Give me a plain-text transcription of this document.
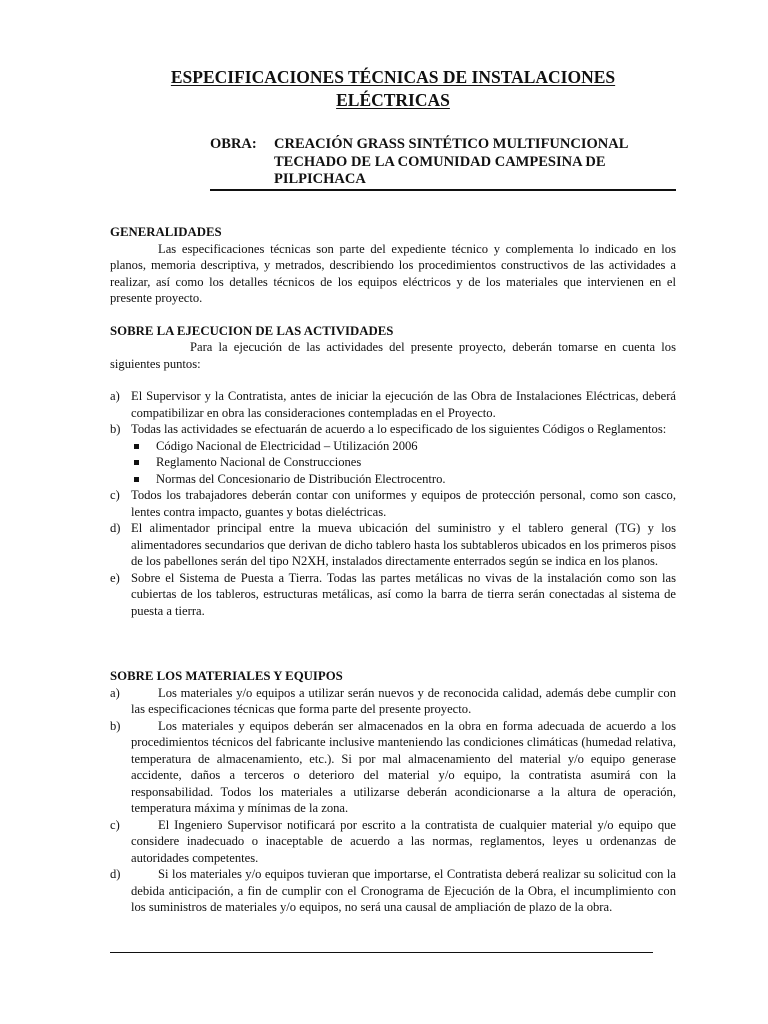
ESPECIFICACIONES TÉCNICAS DE INSTALACIONES
ELÉCTRICAS
OBRA: CREACIÓN GRASS SINTÉTICO MULTIFUNCIONAL TECHADO DE LA COMUNIDAD CAMPESINA DE PILPICHACA

GENERALIDADES

Las especificaciones técnicas son parte del expediente técnico y complementa lo indicado en los planos, memoria descriptiva, y metrados, describiendo los procedimientos constructivos de las actividades a realizar, así como los detalles técnicos de los equipos eléctricos y de los materiales que intervienen en el presente proyecto.

SOBRE LA EJECUCION DE LAS ACTIVIDADES

Para la ejecución de las actividades del presente proyecto, deberán tomarse en cuenta los siguientes puntos:

a) El Supervisor y la Contratista, antes de iniciar la ejecución de las Obra de Instalaciones Eléctricas, deberá compatibilizar en obra las consideraciones contempladas en el Proyecto.

b) Todas las actividades se efectuarán de acuerdo a lo especificado de los siguientes Códigos o Reglamentos:

Código Nacional de Electricidad – Utilización 2006
Reglamento Nacional de Construcciones
Normas del Concesionario de Distribución Electrocentro.
c) Todos los trabajadores deberán contar con uniformes y equipos de protección personal, como son casco, lentes contra impacto, guantes y botas dieléctricas.

d) El alimentador principal entre la mueva ubicación del suministro y el tablero general (TG) y los alimentadores secundarios que derivan de dicho tablero hasta los subtableros ubicados en los primeros pisos de los pabellones serán del tipo N2XH, instalados directamente enterrados según se indica en los planos.

e) Sobre el Sistema de Puesta a Tierra. Todas las partes metálicas no vivas de la instalación como son las cubiertas de los tableros, estructuras metálicas, así como la barra de tierra serán conectadas al sistema de puesta a tierra.

SOBRE LOS MATERIALES Y EQUIPOS

a)	Los materiales y/o equipos a utilizar serán nuevos y de reconocida calidad, además debe cumplir con las especificaciones técnicas que forma parte del presente proyecto.

b)	Los materiales y equipos deberán ser almacenados en la obra en forma adecuada de acuerdo a los procedimientos técnicos del fabricante inclusive manteniendo las condiciones climáticas (humedad relativa, temperatura de almacenamiento, etc.). Si por mal almacenamiento del material y/o equipo generase accidente, daños a terceros o deterioro del material y/o equipo, la contratista asumirá con la responsabilidad. Todos los materiales a utilizarse deberán acondicionarse a la altura de operación, temperatura máxima y mínimas de la zona.

c)	El Ingeniero Supervisor notificará por escrito a la contratista de cualquier material y/o equipo que considere inadecuado o inaceptable de acuerdo a las normas, reglamentos, leyes u ordenanzas de autoridades competentes.

d)	Si los materiales y/o equipos tuvieran que importarse, el Contratista deberá realizar su solicitud con la debida anticipación, a fin de cumplir con el Cronograma de Ejecución de la Obra, el incumplimiento con los suministros de materiales y/o equipos, no será una causal de ampliación de plazo de la obra.
